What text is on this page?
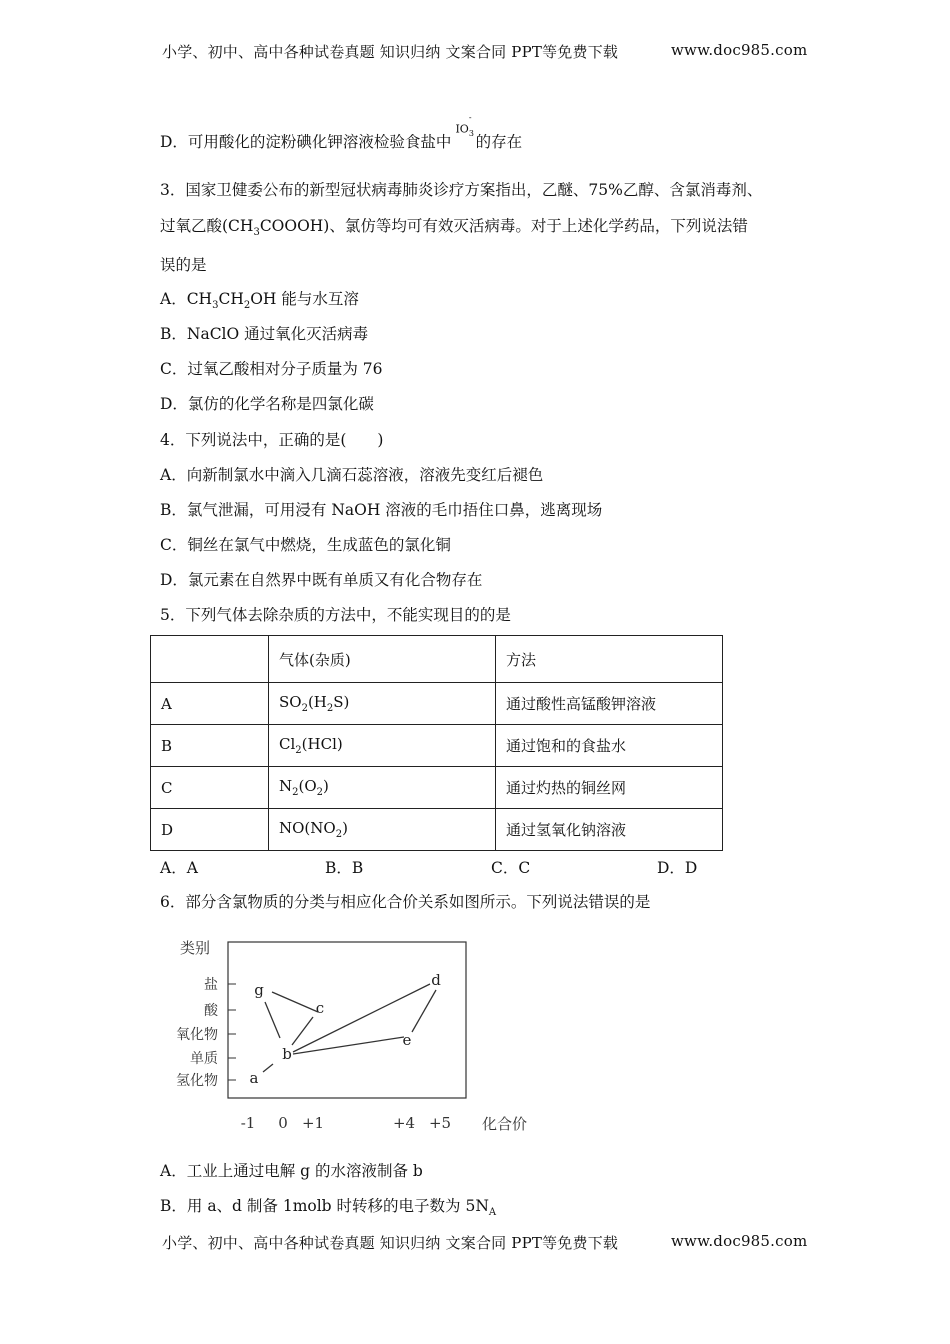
小学、初中、高中各种试卷真题 知识归纳 文案合同 PPT等免费下载	www.doc985.com
D．可用酸化的淀粉碘化钾溶液检验食盐中$IO_3^-$的存在
3．国家卫健委公布的新型冠状病毒肺炎诊疗方案指出，乙醚、75%乙醇、含氯消毒剂、
过氧乙酸$(CH_3COOOH)$、氯仿等均可有效灭活病毒。对于上述化学药品，下列说法错
误的是
A．$CH_3CH_2OH$ 能与水互溶
B．NaClO 通过氧化灭活病毒
C．过氧乙酸相对分子质量为 76
D．氯仿的化学名称是四氯化碳
4．下列说法中，正确的是(　　)
A．向新制氯水中滴入几滴石蕊溶液，溶液先变红后褪色
B．氯气泄漏，可用浸有 NaOH 溶液的毛巾捂住口鼻，逃离现场
C．铜丝在氯气中燃烧，生成蓝色的氯化铜
D．氯元素在自然界中既有单质又有化合物存在
5．下列气体去除杂质的方法中，不能实现目的的是
	气体(杂质)	方法
A	$SO_2(H_2S)$	通过酸性高锰酸钾溶液
B	$Cl_2(HCl)$	通过饱和的食盐水
C	$N_2(O_2)$	通过灼热的铜丝网
D	$NO(NO_2)$	通过氢氧化钠溶液
A．A	B．B	C．C	D．D
6．部分含氯物质的分类与相应化合价关系如图所示。下列说法错误的是
类别
氢化物
单质
氧化物
酸
盐
-1 0 +1	+4 +5 化合价
a
b
c
e
d
g
A．工业上通过电解 g 的水溶液制备 b
B．用 a、d 制备 1molb 时转移的电子数为 $5N_A$
小学、初中、高中各种试卷真题 知识归纳 文案合同 PPT等免费下载	www.doc985.com
